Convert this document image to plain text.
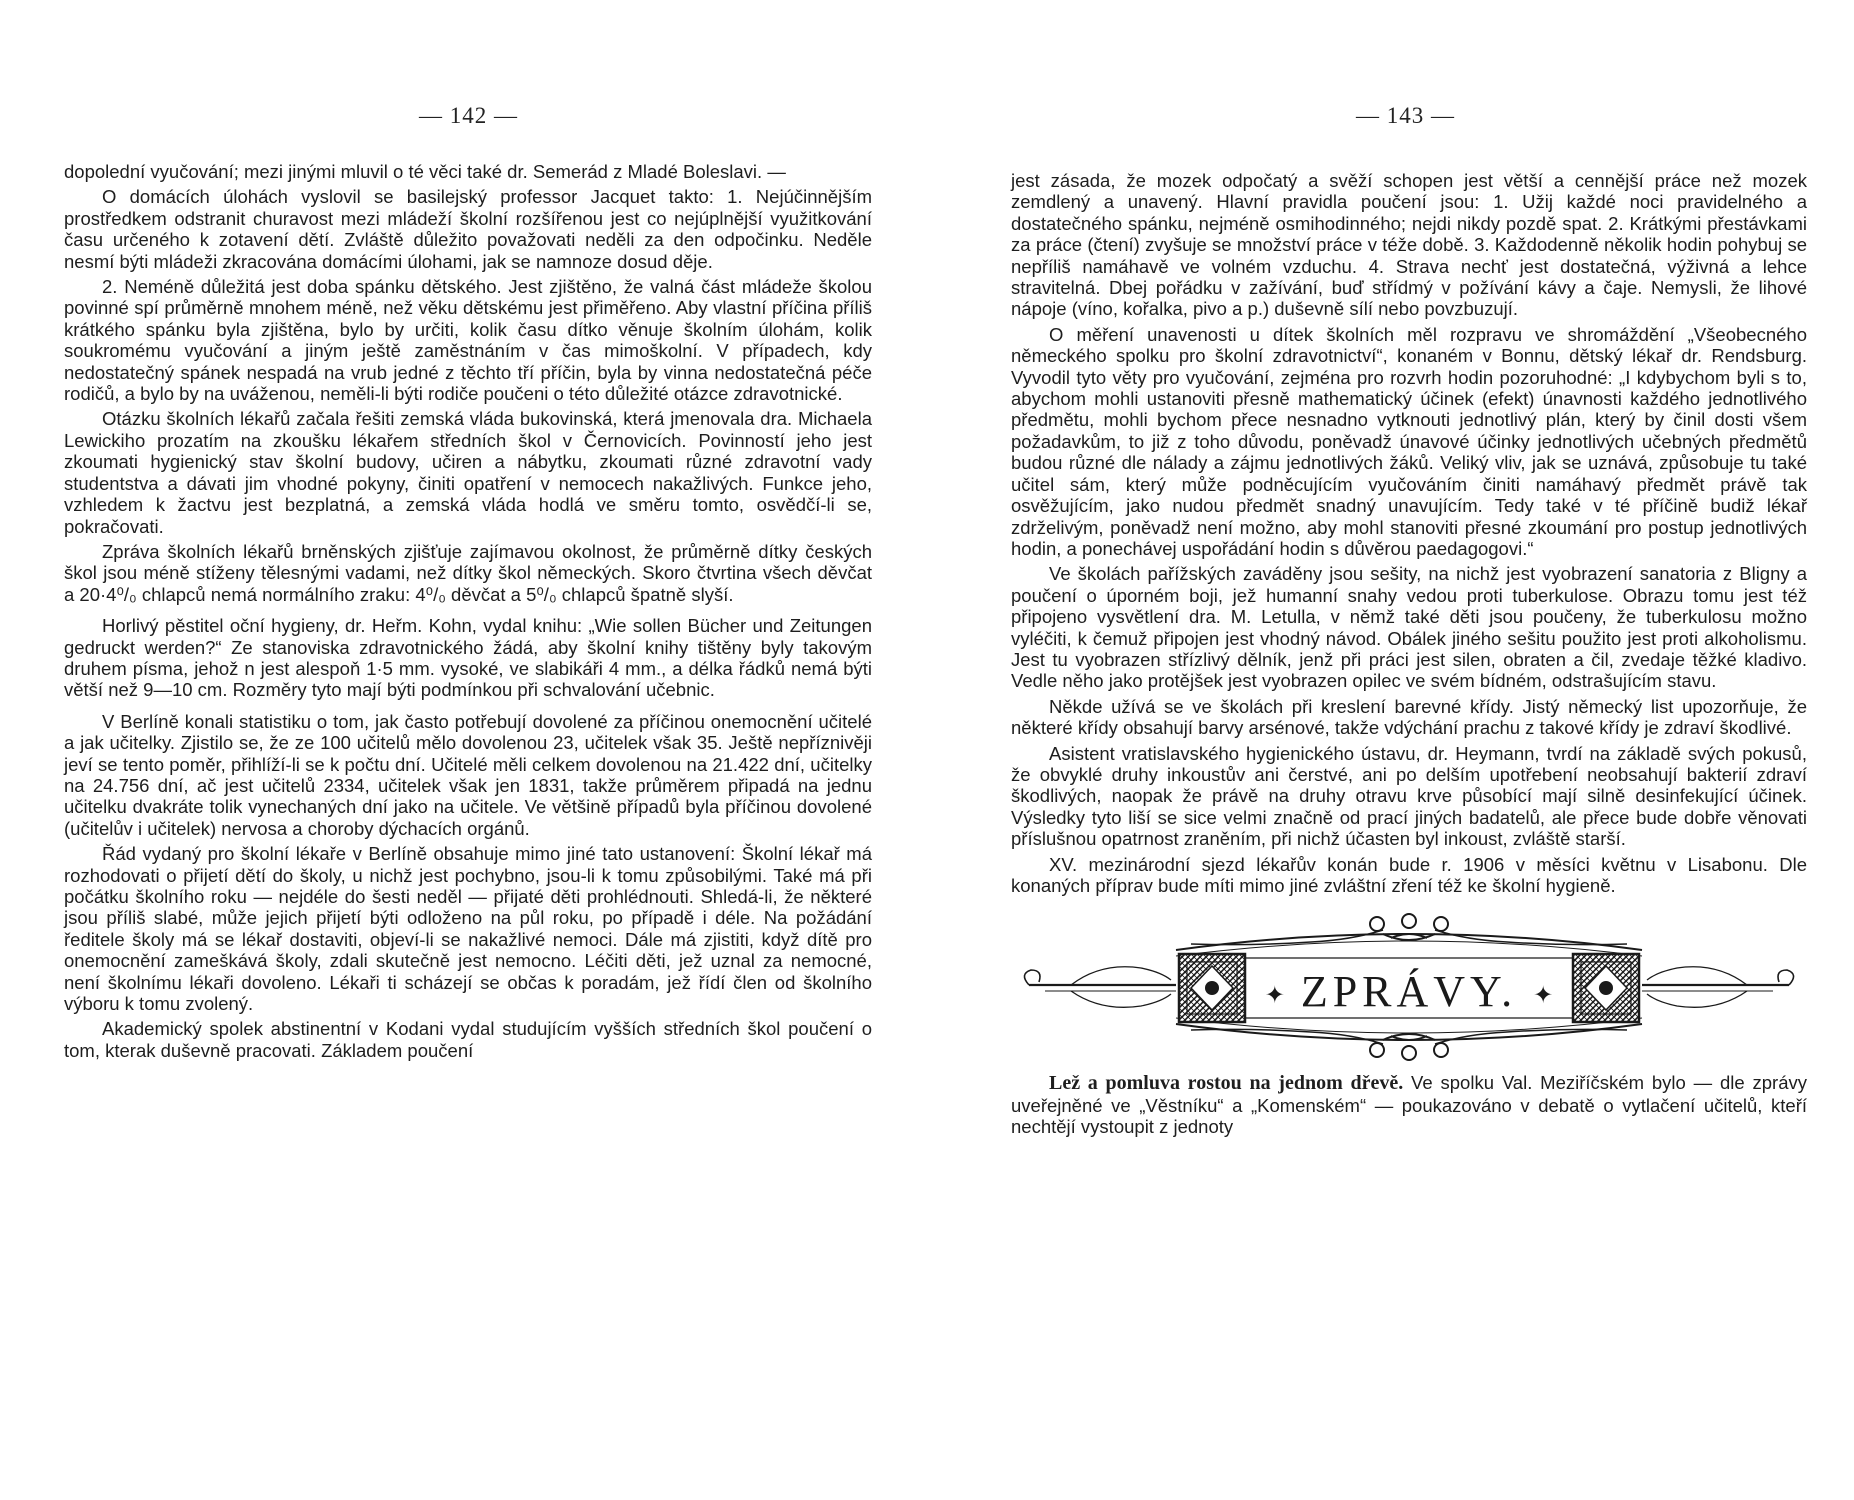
— 142 —

dopolední vyučování; mezi jinými mluvil o té věci také dr. Semerád z Mladé Boleslavi. —

O domácích úlohách vyslovil se basilejský professor Jacquet takto: 1. Nejúčinnějším prostředkem odstranit churavost mezi mládeží školní rozšířenou jest co nejúplnější využitkování času určeného k zotavení dětí. Zvláště důležito považovati neděli za den odpočinku. Neděle nesmí býti mládeži zkracována domácími úlohami, jak se namnoze dosud děje.

2. Neméně důležitá jest doba spánku dětského. Jest zjištěno, že valná část mládeže školou povinné spí průměrně mnohem méně, než věku dětskému jest přiměřeno. Aby vlastní příčina příliš krátkého spánku byla zjištěna, bylo by určiti, kolik času dítko věnuje školním úlohám, kolik soukromému vyučování a jiným ještě zaměstnáním v čas mimoškolní. V případech, kdy nedostatečný spánek nespadá na vrub jedné z těchto tří příčin, byla by vinna nedostatečná péče rodičů, a bylo by na uváženou, neměli-li býti rodiče poučeni o této důležité otázce zdravotnické.

Otázku školních lékařů začala řešiti zemská vláda bukovinská, která jmenovala dra. Michaela Lewickiho prozatím na zkoušku lékařem středních škol v Černovicích. Povinností jeho jest zkoumati hygienický stav školní budovy, učiren a nábytku, zkoumati různé zdravotní vady studentstva a dávati jim vhodné pokyny, činiti opatření v nemocech nakažlivých. Funkce jeho, vzhledem k žactvu jest bezplatná, a zemská vláda hodlá ve směru tomto, osvědčí-li se, pokračovati.

Zpráva školních lékařů brněnských zjišťuje zajímavou okolnost, že průměrně dítky českých škol jsou méně stíženy tělesnými vadami, než dítky škol německých. Skoro čtvrtina všech děvčat a 20·4⁰/₀ chlapců nemá normálního zraku: 4⁰/₀ děvčat a 5⁰/₀ chlapců špatně slyší.

Horlivý pěstitel oční hygieny, dr. Heřm. Kohn, vydal knihu: „Wie sollen Bücher und Zeitungen gedruckt werden?“ Ze stanoviska zdravotnického žádá, aby školní knihy tištěny byly takovým druhem písma, jehož n jest alespoň 1·5 mm. vysoké, ve slabikáři 4 mm., a délka řádků nemá býti větší než 9—10 cm. Rozměry tyto mají býti podmínkou při schvalování učebnic.

V Berlíně konali statistiku o tom, jak často potřebují dovolené za příčinou onemocnění učitelé a jak učitelky. Zjistilo se, že ze 100 učitelů mělo dovolenou 23, učitelek však 35. Ještě nepříznivěji jeví se tento poměr, přihlíží-li se k počtu dní. Učitelé měli celkem dovolenou na 21.422 dní, učitelky na 24.756 dní, ač jest učitelů 2334, učitelek však jen 1831, takže průměrem připadá na jednu učitelku dvakráte tolik vynechaných dní jako na učitele. Ve většině případů byla příčinou dovolené (učitelův i učitelek) nervosa a choroby dýchacích orgánů.

Řád vydaný pro školní lékaře v Berlíně obsahuje mimo jiné tato ustanovení: Školní lékař má rozhodovati o přijetí dětí do školy, u nichž jest pochybno, jsou-li k tomu způsobilými. Také má při počátku školního roku — nejdéle do šesti neděl — přijaté děti prohlédnouti. Shledá-li, že některé jsou příliš slabé, může jejich přijetí býti odloženo na půl roku, po případě i déle. Na požádání ředitele školy má se lékař dostaviti, objeví-li se nakažlivé nemoci. Dále má zjistiti, když dítě pro onemocnění zameškává školy, zdali skutečně jest nemocno. Léčiti děti, jež uznal za nemocné, není školnímu lékaři dovoleno. Lékaři ti scházejí se občas k poradám, jež řídí člen od školního výboru k tomu zvolený.

Akademický spolek abstinentní v Kodani vydal studujícím vyšších středních škol poučení o tom, kterak duševně pracovati. Základem poučení

— 143 —

jest zásada, že mozek odpočatý a svěží schopen jest větší a cennější práce než mozek zemdlený a unavený. Hlavní pravidla poučení jsou: 1. Užij každé noci pravidelného a dostatečného spánku, nejméně osmihodinného; nejdi nikdy pozdě spat. 2. Krátkými přestávkami za práce (čtení) zvyšuje se množství práce v téže době. 3. Každodenně několik hodin pohybuj se nepříliš namáhavě ve volném vzduchu. 4. Strava nechť jest dostatečná, výživná a lehce stravitelná. Dbej pořádku v zažívání, buď střídmý v požívání kávy a čaje. Nemysli, že lihové nápoje (víno, kořalka, pivo a p.) duševně sílí nebo povzbuzují.

O měření unavenosti u dítek školních měl rozpravu ve shromáždění „Všeobecného německého spolku pro školní zdravotnictví“, konaném v Bonnu, dětský lékař dr. Rendsburg. Vyvodil tyto věty pro vyučování, zejména pro rozvrh hodin pozoruhodné: „I kdybychom byli s to, abychom mohli ustanoviti přesně mathematický účinek (efekt) únavnosti každého jednotlivého předmětu, mohli bychom přece nesnadno vytknouti jednotlivý plán, který by činil dosti všem požadavkům, to již z toho důvodu, poněvadž únavové účinky jednotlivých učebných předmětů budou různé dle nálady a zájmu jednotlivých žáků. Veliký vliv, jak se uznává, způsobuje tu také učitel sám, který může podněcujícím vyučováním činiti namáhavý předmět právě tak osvěžujícím, jako nudou předmět snadný unavujícím. Tedy také v té příčině budiž lékař zdrželivým, poněvadž není možno, aby mohl stanoviti přesné zkoumání pro postup jednotlivých hodin, a ponechávej uspořádání hodin s důvěrou paedagogovi.“

Ve školách pařížských zaváděny jsou sešity, na nichž jest vyobrazení sanatoria z Bligny a poučení o úporném boji, jež humanní snahy vedou proti tuberkulose. Obrazu tomu jest též připojeno vysvětlení dra. M. Letulla, v němž také děti jsou poučeny, že tuberkulosu možno vyléčiti, k čemuž připojen jest vhodný návod. Obálek jiného sešitu použito jest proti alkoholismu. Jest tu vyobrazen střízlivý dělník, jenž při práci jest silen, obraten a čil, zvedaje těžké kladivo. Vedle něho jako protějšek jest vyobrazen opilec ve svém bídném, odstrašujícím stavu.

Někde užívá se ve školách při kreslení barevné křídy. Jistý německý list upozorňuje, že některé křídy obsahují barvy arsénové, takže vdýchání prachu z takové křídy je zdraví škodlivé.

Asistent vratislavského hygienického ústavu, dr. Heymann, tvrdí na základě svých pokusů, že obvyklé druhy inkoustův ani čerstvé, ani po delším upotřebení neobsahují bakterií zdraví škodlivých, naopak že právě na druhy otravu krve působící mají silně desinfekující účinek. Výsledky tyto liší se sice velmi značně od prací jiných badatelů, ale přece bude dobře věnovati příslušnou opatrnost zraněním, při nichž účasten byl inkoust, zvláště starší.

XV. mezinárodní sjezd lékařův konán bude r. 1906 v měsíci květnu v Lisabonu. Dle konaných příprav bude míti mimo jiné zvláštní zření též ke školní hygieně.

✦ ZPRÁVY. ✦

Lež a pomluva rostou na jednom dřevě. Ve spolku Val. Meziříčském bylo — dle zprávy uveřejněné ve „Věstníku“ a „Komenském“ — poukazováno v debatě o vytlačení učitelů, kteří nechtějí vystoupit z jednoty
